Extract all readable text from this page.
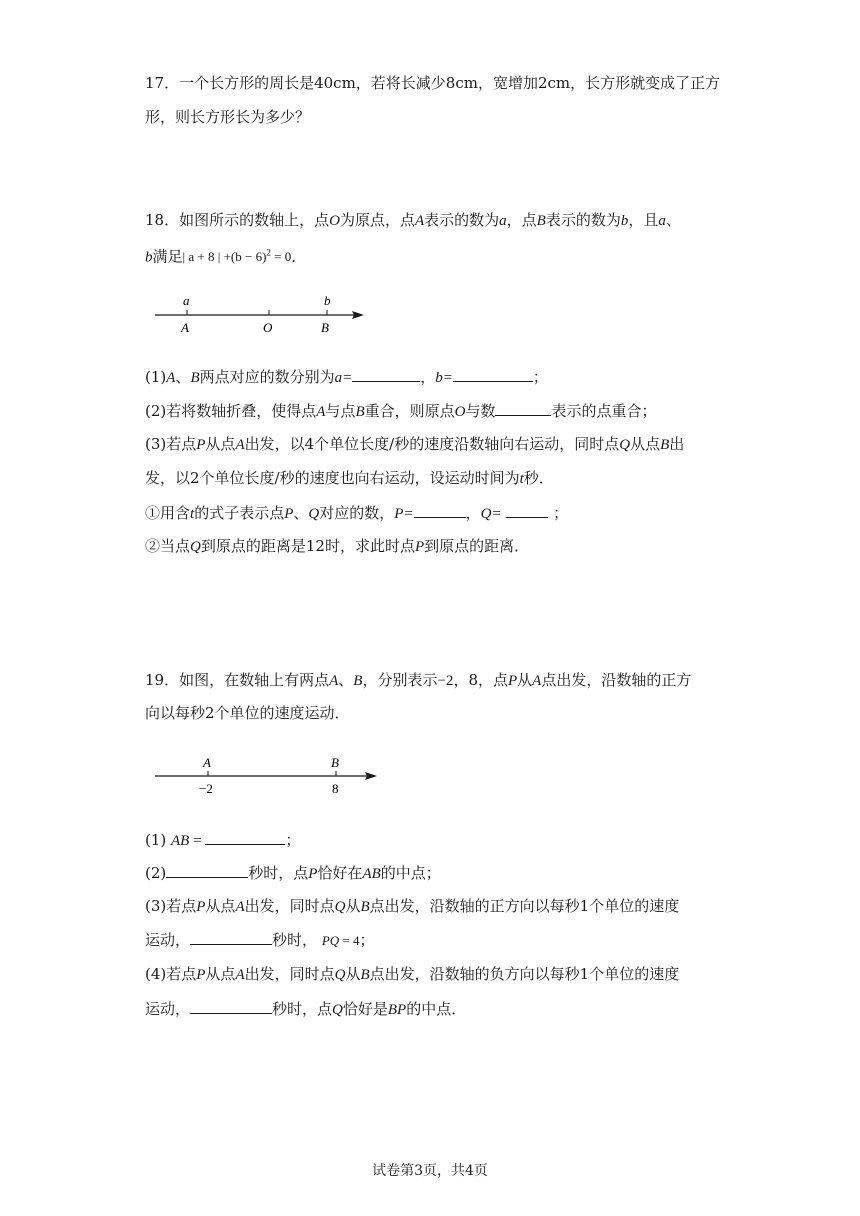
17．一个长方形的周长是40cm，若将长减少8cm，宽增加2cm，长方形就变成了正方
形，则长方形长为多少？
18．如图所示的数轴上，点O为原点，点A表示的数为a，点B表示的数为b，且a、
b满足| a + 8 | $+(b - 6)^2 = 0$．
a	b
A	O	B
(1)A、B两点对应的数分别为a=	，b=	；
(2)若将数轴折叠，使得点A与点B重合，则原点O与数	表示的点重合；
(3)若点P从点A出发，以4个单位长度/秒的速度沿数轴向右运动，同时点Q从点B出
发，以2个单位长度/秒的速度也向右运动，设运动时间为t秒．
①用含t的式子表示点P、Q对应的数，P=	，Q=	；
②当点Q到原点的距离是12时，求此时点P到原点的距离．
19．如图，在数轴上有两点A、B，分别表示−2，8，点P从A点出发，沿数轴的正方
向以每秒2个单位的速度运动．
A	B
−2	8
(1) AB =	；
(2)	秒时，点P恰好在AB的中点；
(3)若点P从点A出发，同时点Q从B点出发，沿数轴的正方向以每秒1个单位的速度
运动，	秒时， PQ = 4；
(4)若点P从点A出发，同时点Q从B点出发，沿数轴的负方向以每秒1个单位的速度
运动，	秒时，点Q恰好是BP的中点．
试卷第3页，共4页
